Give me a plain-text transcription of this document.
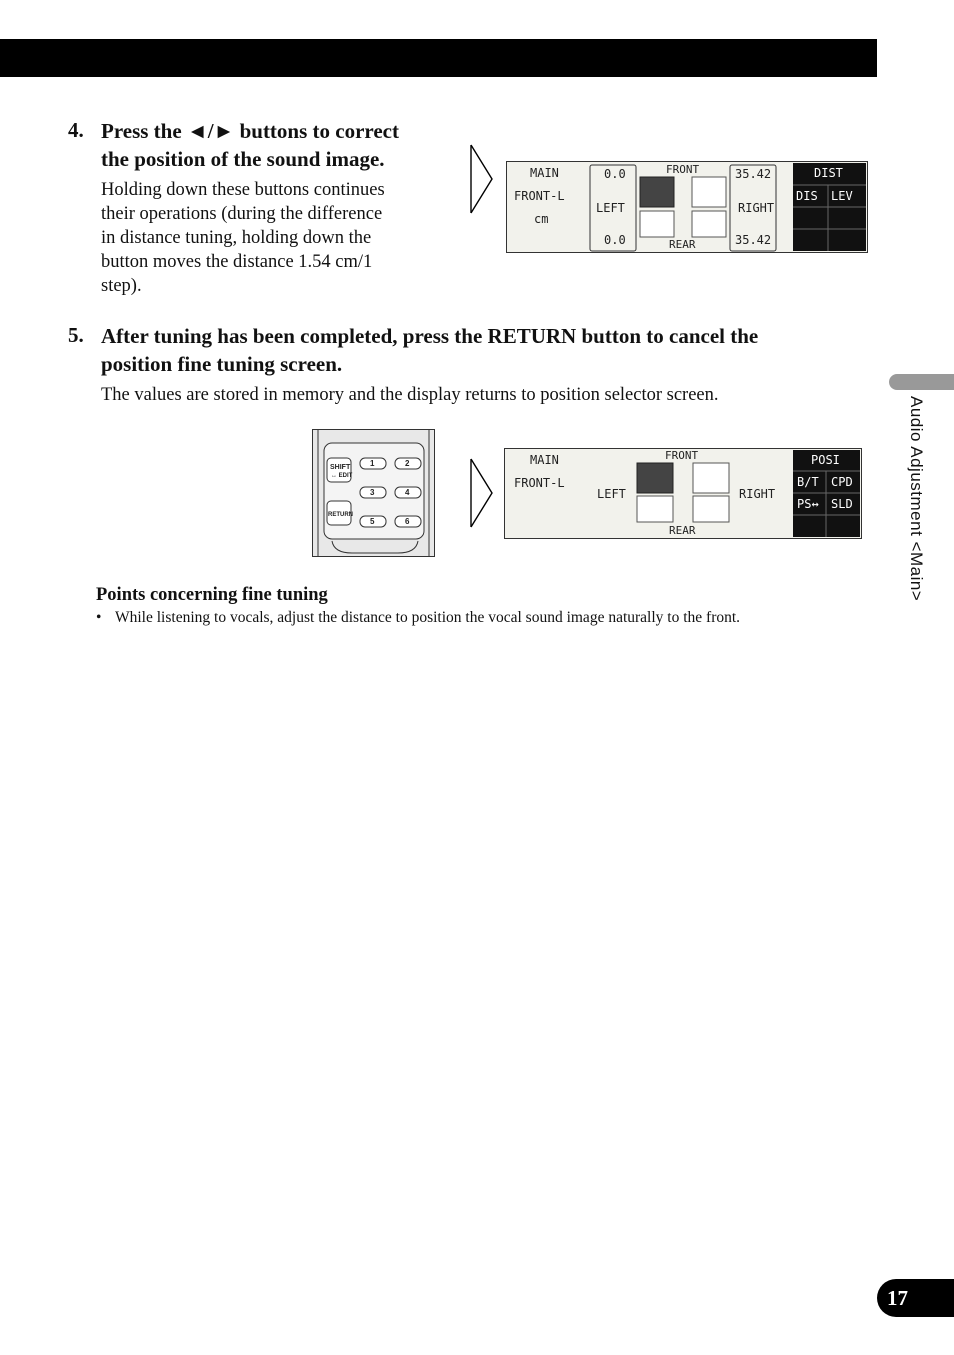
4. Press the ◄/► buttons to correct
the position of the sound image.
Holding down these buttons continues
their operations (during the difference
in distance tuning, holding down the
button moves the distance 1.54 cm/1
step).
MAIN
FRONT-L
cm
0.0
LEFT
0.0
FRONT
REAR
35.42
RIGHT
35.42
DIST
DIS LEV
5. After tuning has been completed, press the RETURN button to cancel the
position fine tuning screen.
The values are stored in memory and the display returns to position selector screen.
SHIFT
↔ EDIT
RETURN
1	2
3	4
5	6
MAIN
FRONT-L
LEFT
FRONT
REAR
RIGHT
POSI
B/T CPD
PS↔ SLD
Points concerning fine tuning
• While listening to vocals, adjust the distance to position the vocal sound image naturally to the front.
Audio Adjustment <Main>
17
